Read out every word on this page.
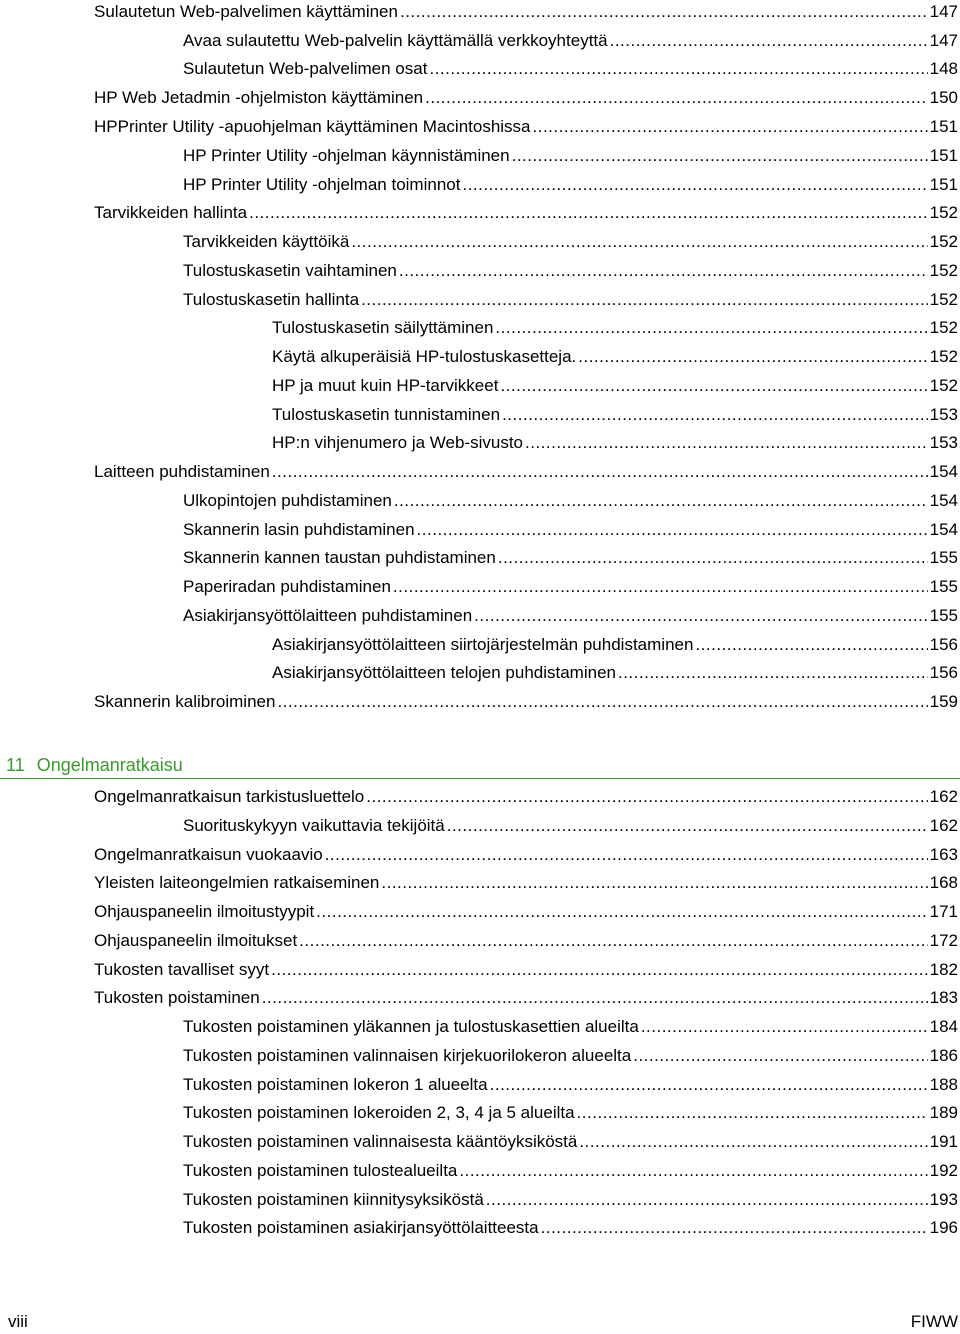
Sulautetun Web-palvelimen käyttäminen .....	147
Avaa sulautettu Web-palvelin käyttämällä verkkoyhteyttä .....	147
Sulautetun Web-palvelimen osat .....	148
HP Web Jetadmin -ohjelmiston käyttäminen .....	150
HPPrinter Utility -apuohjelman käyttäminen Macintoshissa .....	151
HP Printer Utility -ohjelman käynnistäminen .....	151
HP Printer Utility -ohjelman toiminnot .....	151
Tarvikkeiden hallinta .....	152
Tarvikkeiden käyttöikä .....	152
Tulostuskasetin vaihtaminen .....	152
Tulostuskasetin hallinta .....	152
Tulostuskasetin säilyttäminen .....	152
Käytä alkuperäisiä HP-tulostuskasetteja. .....	152
HP ja muut kuin HP-tarvikkeet .....	152
Tulostuskasetin tunnistaminen .....	153
HP:n vihjenumero ja Web-sivusto .....	153
Laitteen puhdistaminen .....	154
Ulkopintojen puhdistaminen .....	154
Skannerin lasin puhdistaminen .....	154
Skannerin kannen taustan puhdistaminen .....	155
Paperiradan puhdistaminen .....	155
Asiakirjansyöttölaitteen puhdistaminen .....	155
Asiakirjansyöttölaitteen siirtojärjestelmän puhdistaminen .....	156
Asiakirjansyöttölaitteen telojen puhdistaminen .....	156
Skannerin kalibroiminen .....	159
11 Ongelmanratkaisu
Ongelmanratkaisun tarkistusluettelo .....	162
Suorituskykyyn vaikuttavia tekijöitä .....	162
Ongelmanratkaisun vuokaavio .....	163
Yleisten laiteongelmien ratkaiseminen .....	168
Ohjauspaneelin ilmoitustyypit .....	171
Ohjauspaneelin ilmoitukset .....	172
Tukosten tavalliset syyt .....	182
Tukosten poistaminen .....	183
Tukosten poistaminen yläkannen ja tulostuskasettien alueilta .....	184
Tukosten poistaminen valinnaisen kirjekuorilokeron alueelta .....	186
Tukosten poistaminen lokeron 1 alueelta .....	188
Tukosten poistaminen lokeroiden 2, 3, 4 ja 5 alueilta .....	189
Tukosten poistaminen valinnaisesta kääntöyksiköstä .....	191
Tukosten poistaminen tulostealueilta .....	192
Tukosten poistaminen kiinnitysyksiköstä .....	193
Tukosten poistaminen asiakirjansyöttölaitteesta .....	196
viii	FIWW
